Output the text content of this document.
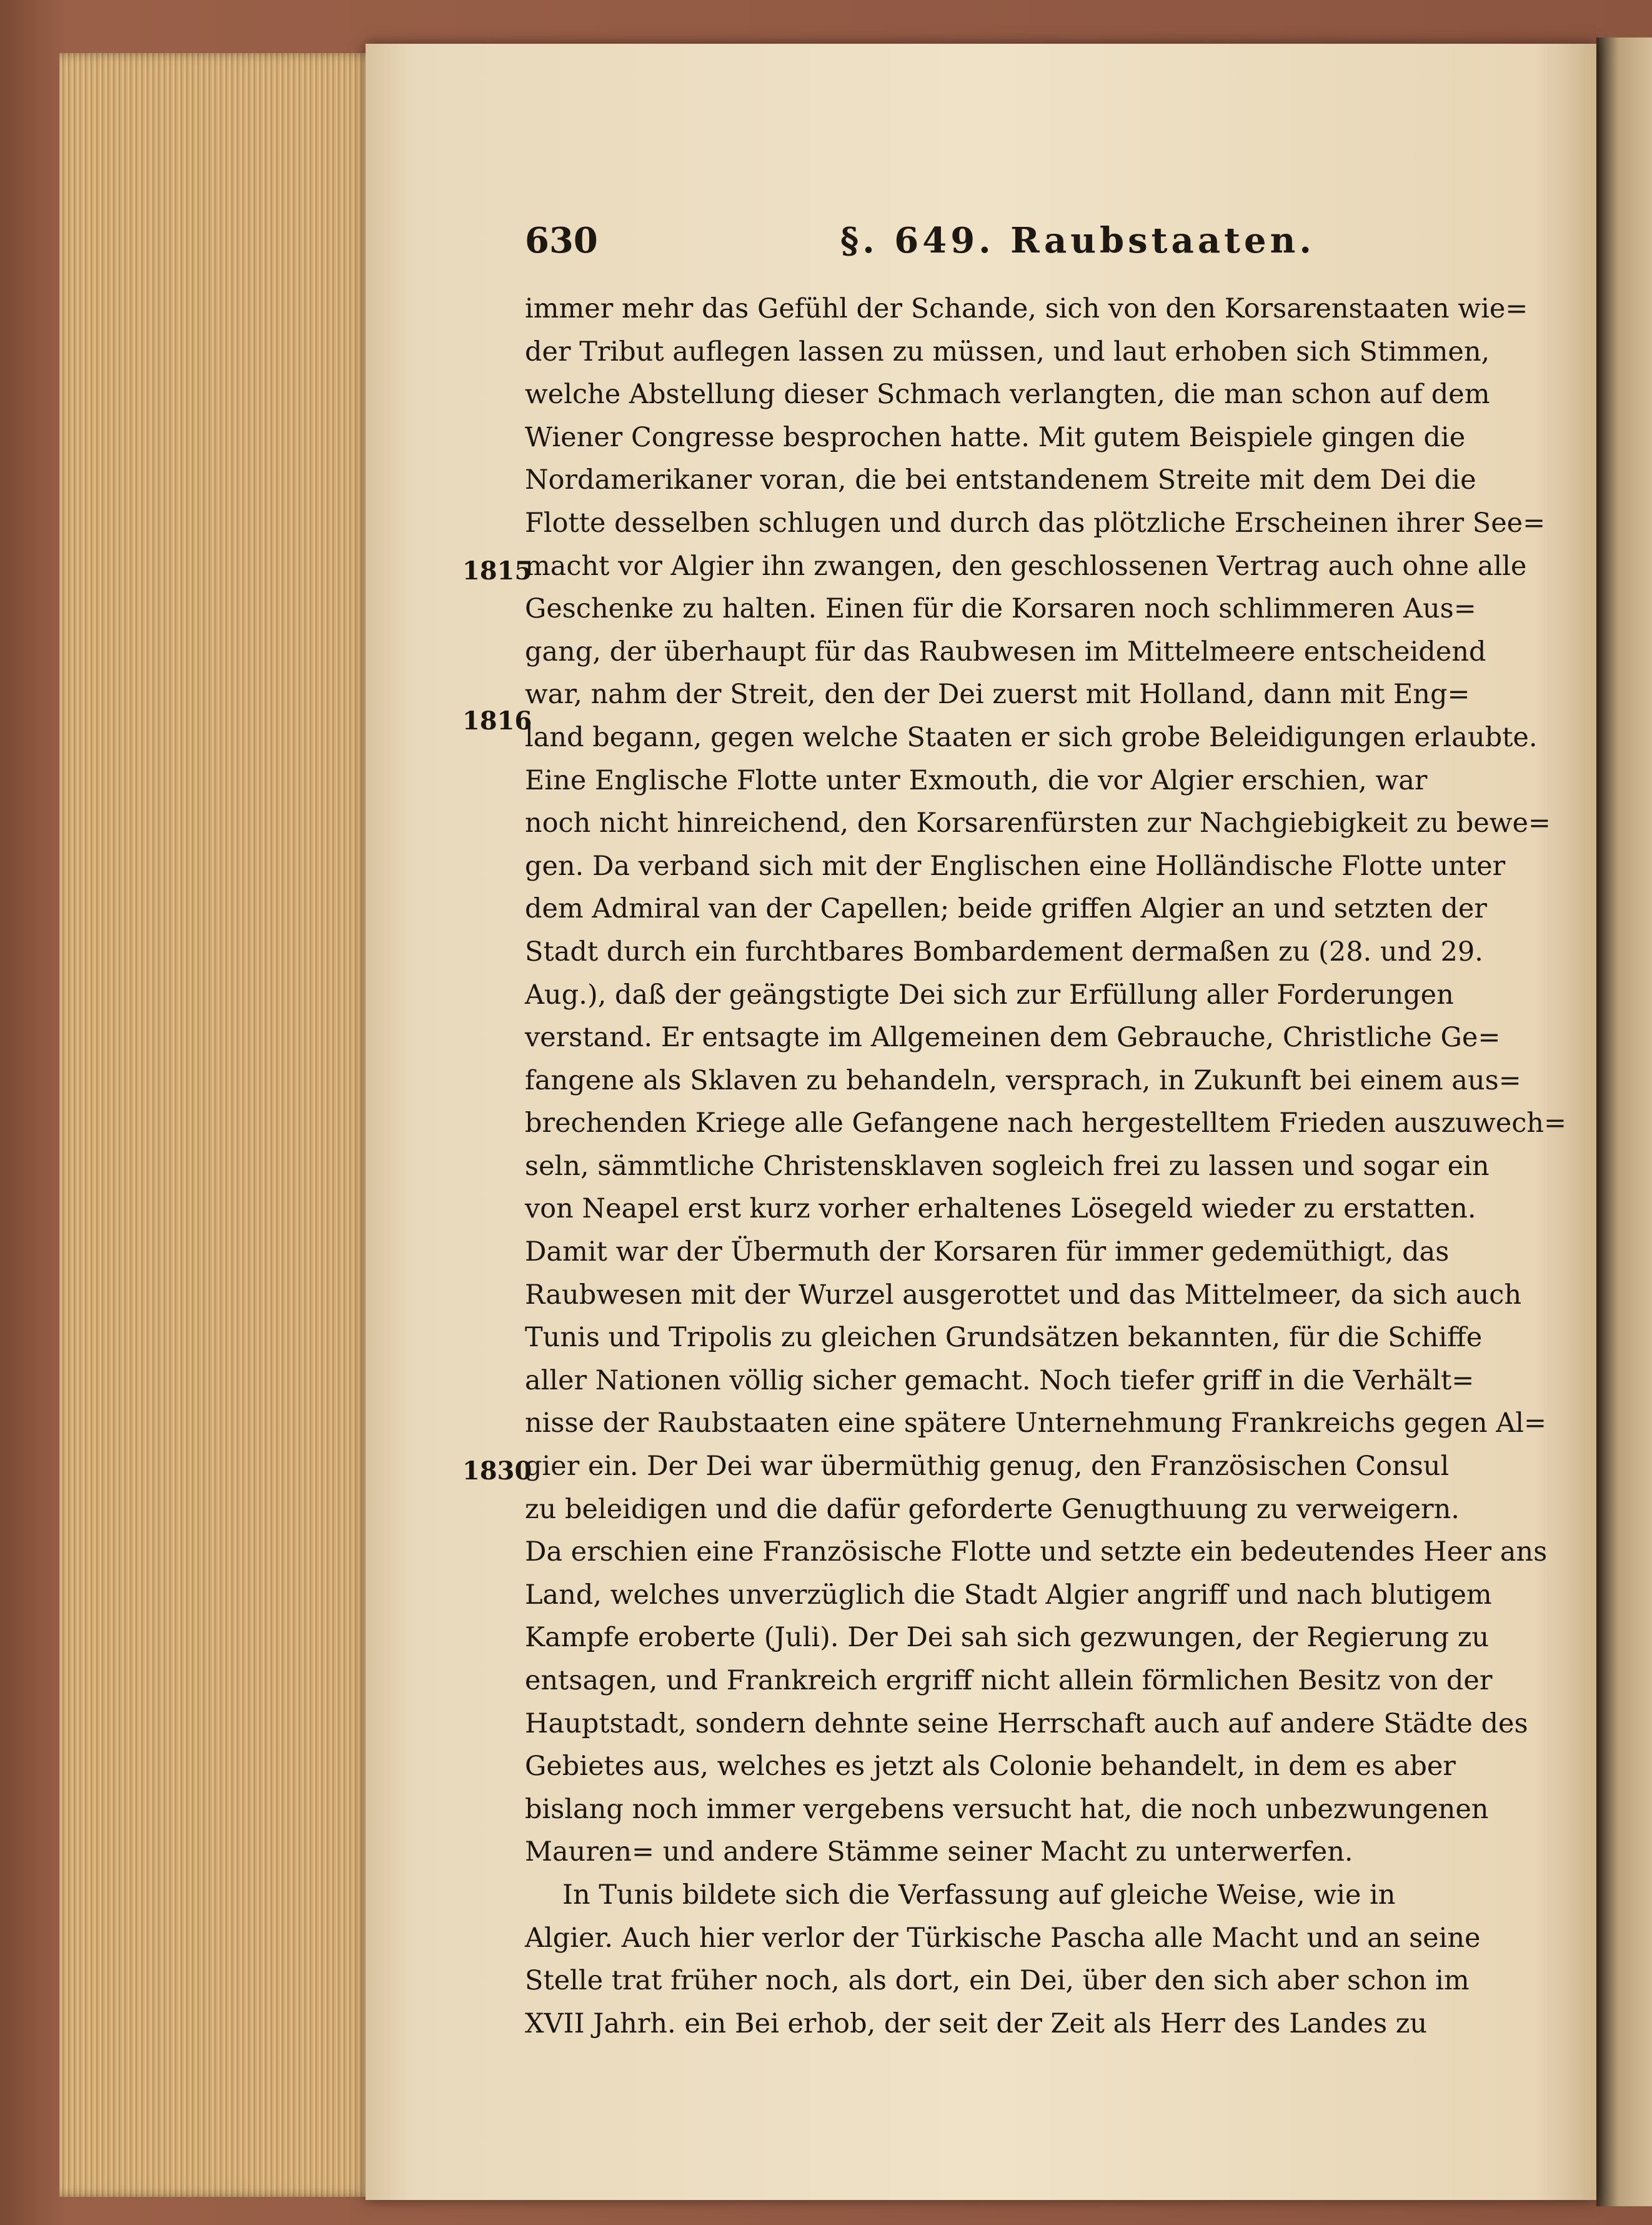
630	§. 649. Raubstaaten.
1815
1816
1830
immer mehr das Gefühl der Schande, sich von den Korsarenstaaten wie=
der Tribut auflegen lassen zu müssen, und laut erhoben sich Stimmen,
welche Abstellung dieser Schmach verlangten, die man schon auf dem
Wiener Congresse besprochen hatte. Mit gutem Beispiele gingen die
Nordamerikaner voran, die bei entstandenem Streite mit dem Dei die
Flotte desselben schlugen und durch das plötzliche Erscheinen ihrer See=
macht vor Algier ihn zwangen, den geschlossenen Vertrag auch ohne alle
Geschenke zu halten. Einen für die Korsaren noch schlimmeren Aus=
gang, der überhaupt für das Raubwesen im Mittelmeere entscheidend
war, nahm der Streit, den der Dei zuerst mit Holland, dann mit Eng=
land begann, gegen welche Staaten er sich grobe Beleidigungen erlaubte.
Eine Englische Flotte unter Exmouth, die vor Algier erschien, war
noch nicht hinreichend, den Korsarenfürsten zur Nachgiebigkeit zu bewe=
gen. Da verband sich mit der Englischen eine Holländische Flotte unter
dem Admiral van der Capellen; beide griffen Algier an und setzten der
Stadt durch ein furchtbares Bombardement dermaßen zu (28. und 29.
Aug.), daß der geängstigte Dei sich zur Erfüllung aller Forderungen
verstand. Er entsagte im Allgemeinen dem Gebrauche, Christliche Ge=
fangene als Sklaven zu behandeln, versprach, in Zukunft bei einem aus=
brechenden Kriege alle Gefangene nach hergestelltem Frieden auszuwech=
seln, sämmtliche Christensklaven sogleich frei zu lassen und sogar ein
von Neapel erst kurz vorher erhaltenes Lösegeld wieder zu erstatten.
Damit war der Übermuth der Korsaren für immer gedemüthigt, das
Raubwesen mit der Wurzel ausgerottet und das Mittelmeer, da sich auch
Tunis und Tripolis zu gleichen Grundsätzen bekannten, für die Schiffe
aller Nationen völlig sicher gemacht. Noch tiefer griff in die Verhält=
nisse der Raubstaaten eine spätere Unternehmung Frankreichs gegen Al=
gier ein. Der Dei war übermüthig genug, den Französischen Consul
zu beleidigen und die dafür geforderte Genugthuung zu verweigern.
Da erschien eine Französische Flotte und setzte ein bedeutendes Heer ans
Land, welches unverzüglich die Stadt Algier angriff und nach blutigem
Kampfe eroberte (Juli). Der Dei sah sich gezwungen, der Regierung zu
entsagen, und Frankreich ergriff nicht allein förmlichen Besitz von der
Hauptstadt, sondern dehnte seine Herrschaft auch auf andere Städte des
Gebietes aus, welches es jetzt als Colonie behandelt, in dem es aber
bislang noch immer vergebens versucht hat, die noch unbezwungenen
Mauren= und andere Stämme seiner Macht zu unterwerfen.
In Tunis bildete sich die Verfassung auf gleiche Weise, wie in
Algier. Auch hier verlor der Türkische Pascha alle Macht und an seine
Stelle trat früher noch, als dort, ein Dei, über den sich aber schon im
XVII Jahrh. ein Bei erhob, der seit der Zeit als Herr des Landes zu
